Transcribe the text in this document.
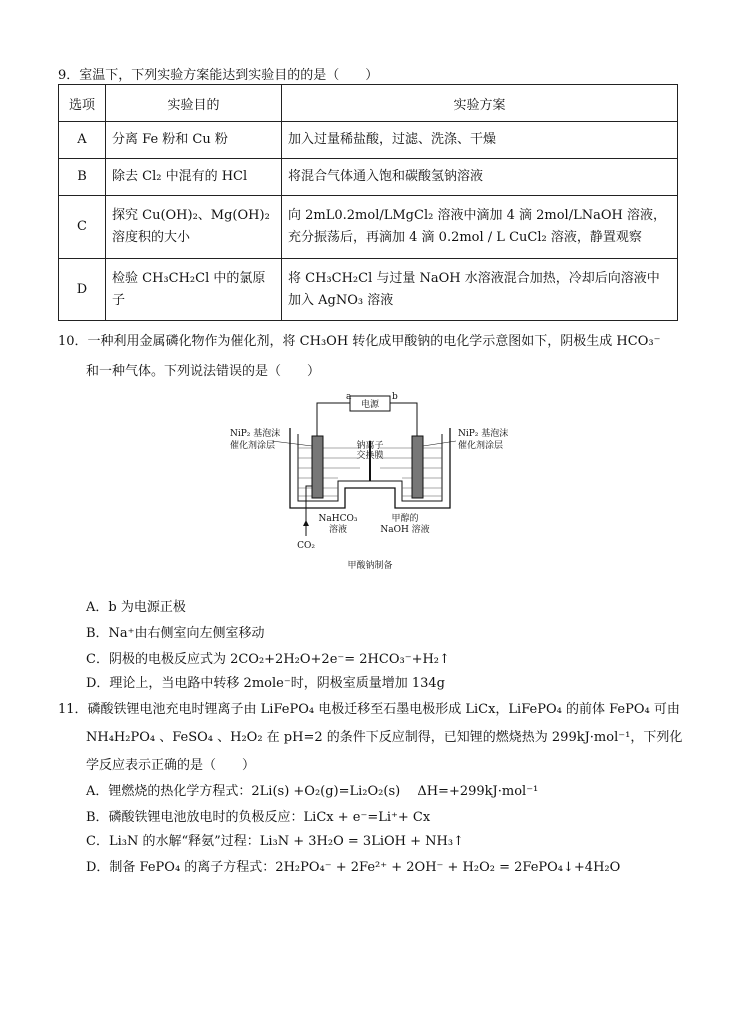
9．室温下，下列实验方案能达到实验目的的是（　　）
选项	实验目的	实验方案
A	分离 Fe 粉和 Cu 粉	加入过量稀盐酸，过滤、洗涤、干燥
B	除去 Cl₂ 中混有的 HCl	将混合气体通入饱和碳酸氢钠溶液
C	探究 Cu(OH)₂、Mg(OH)₂ 溶度积的大小	向 2mL0.2mol/LMgCl₂ 溶液中滴加 4 滴 2mol/LNaOH 溶液，充分振荡后，再滴加 4 滴 0.2mol / L CuCl₂ 溶液，静置观察
D	检验 CH₃CH₂Cl 中的氯原子	将 CH₃CH₂Cl 与过量 NaOH 水溶液混合加热，冷却后向溶液中加入 AgNO₃ 溶液
10．一种利用金属磷化物作为催化剂，将 CH₃OH 转化成甲酸钠的电化学示意图如下，阴极生成 HCO₃⁻
和一种气体。下列说法错误的是（　　）
电源
a	b
NiP₂ 基泡沫
催化剂涂层
NiP₂ 基泡沫
催化剂涂层
钠离子
交换膜
NaHCO₃
溶液
甲醇的
NaOH 溶液
CO₂
甲酸钠制备
A．b 为电源正极
B．Na⁺由右侧室向左侧室移动
C．阴极的电极反应式为 2CO₂+2H₂O+2e⁻= 2HCO₃⁻+H₂↑
D．理论上，当电路中转移 2mole⁻时，阴极室质量增加 134g
11．磷酸铁锂电池充电时锂离子由 LiFePO₄ 电极迁移至石墨电极形成 LiCx，LiFePO₄ 的前体 FePO₄ 可由
NH₄H₂PO₄ 、FeSO₄ 、H₂O₂ 在 pH=2 的条件下反应制得，已知锂的燃烧热为 299kJ·mol⁻¹，下列化
学反应表示正确的是（　　）
A．锂燃烧的热化学方程式：2Li(s) +O₂(g)=Li₂O₂(s)　 ΔH=+299kJ·mol⁻¹
B．磷酸铁锂电池放电时的负极反应：LiCx + e⁻=Li⁺+ Cx
C．Li₃N 的水解“释氨”过程：Li₃N + 3H₂O = 3LiOH + NH₃↑
D．制备 FePO₄ 的离子方程式：2H₂PO₄⁻ + 2Fe²⁺ + 2OH⁻ + H₂O₂ = 2FePO₄↓+4H₂O
